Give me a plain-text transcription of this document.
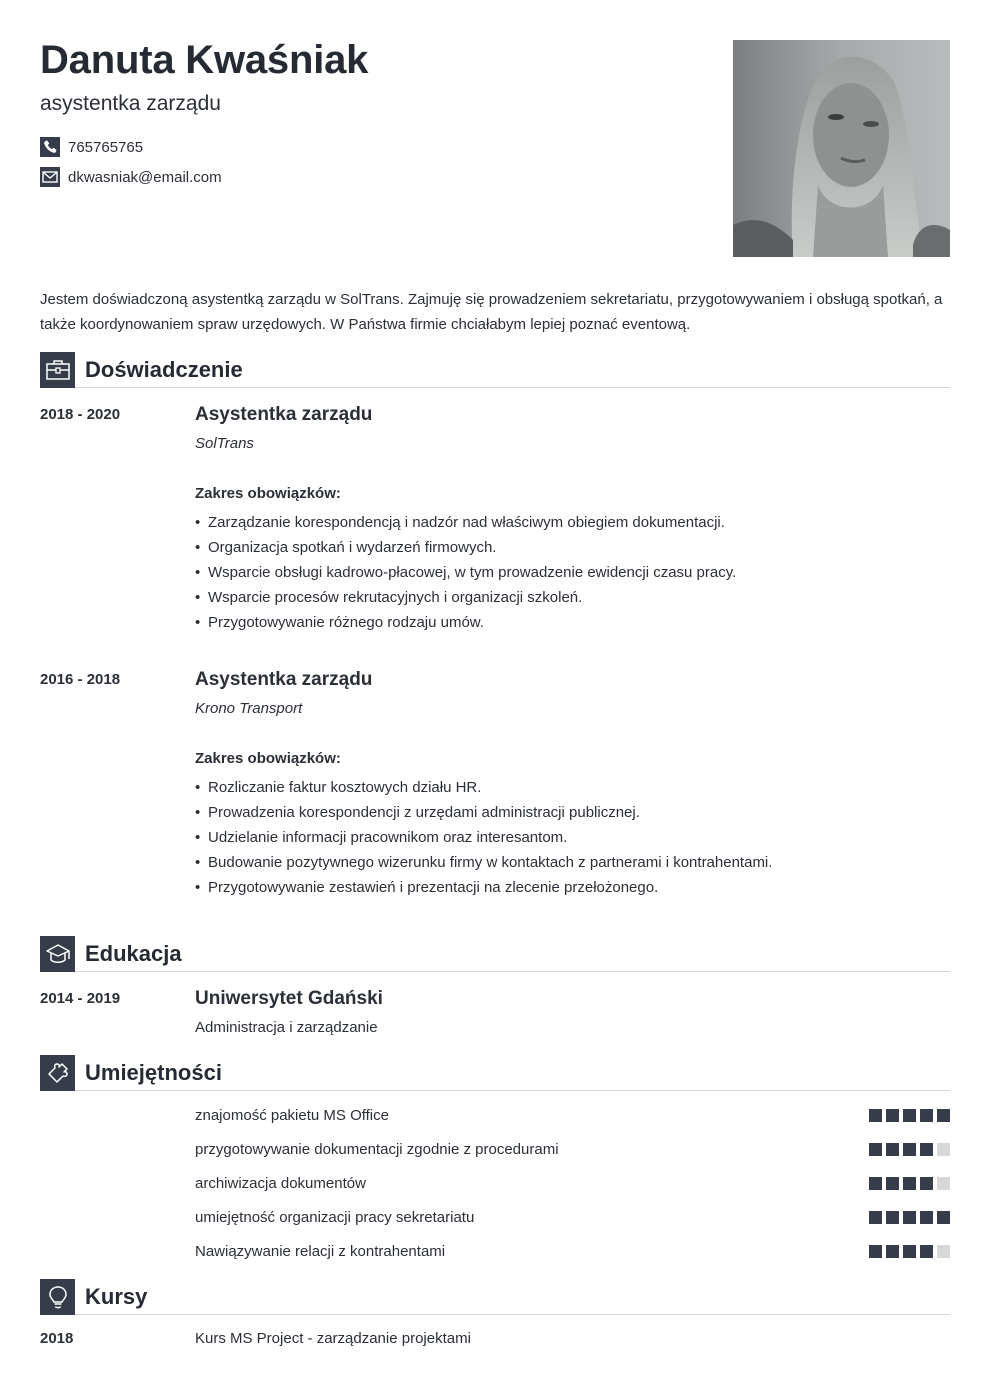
Danuta Kwaśniak
asystentka zarządu
765765765
dkwasniak@email.com

Jestem doświadczoną asystentką zarządu w SolTrans. Zajmuję się prowadzeniem sekretariatu, przygotowywaniem i obsługą spotkań, a także koordynowaniem spraw urzędowych. W Państwa firmie chciałabym lepiej poznać eventową.

Doświadczenie
2018 - 2020	Asystentka zarządu
SolTrans
Zakres obowiązków:
• Zarządzanie korespondencją i nadzór nad właściwym obiegiem dokumentacji.
• Organizacja spotkań i wydarzeń firmowych.
• Wsparcie obsługi kadrowo-płacowej, w tym prowadzenie ewidencji czasu pracy.
• Wsparcie procesów rekrutacyjnych i organizacji szkoleń.
• Przygotowywanie różnego rodzaju umów.
2016 - 2018	Asystentka zarządu
Krono Transport
Zakres obowiązków:
• Rozliczanie faktur kosztowych działu HR.
• Prowadzenia korespondencji z urzędami administracji publicznej.
• Udzielanie informacji pracownikom oraz interesantom.
• Budowanie pozytywnego wizerunku firmy w kontaktach z partnerami i kontrahentami.
• Przygotowywanie zestawień i prezentacji na zlecenie przełożonego.
Edukacja
2014 - 2019	Uniwersytet Gdański
Administracja i zarządzanie
Umiejętności
znajomość pakietu MS Office
przygotowywanie dokumentacji zgodnie z procedurami
archiwizacja dokumentów
umiejętność organizacji pracy sekretariatu
Nawiązywanie relacji z kontrahentami
Kursy
2018	Kurs MS Project - zarządzanie projektami
